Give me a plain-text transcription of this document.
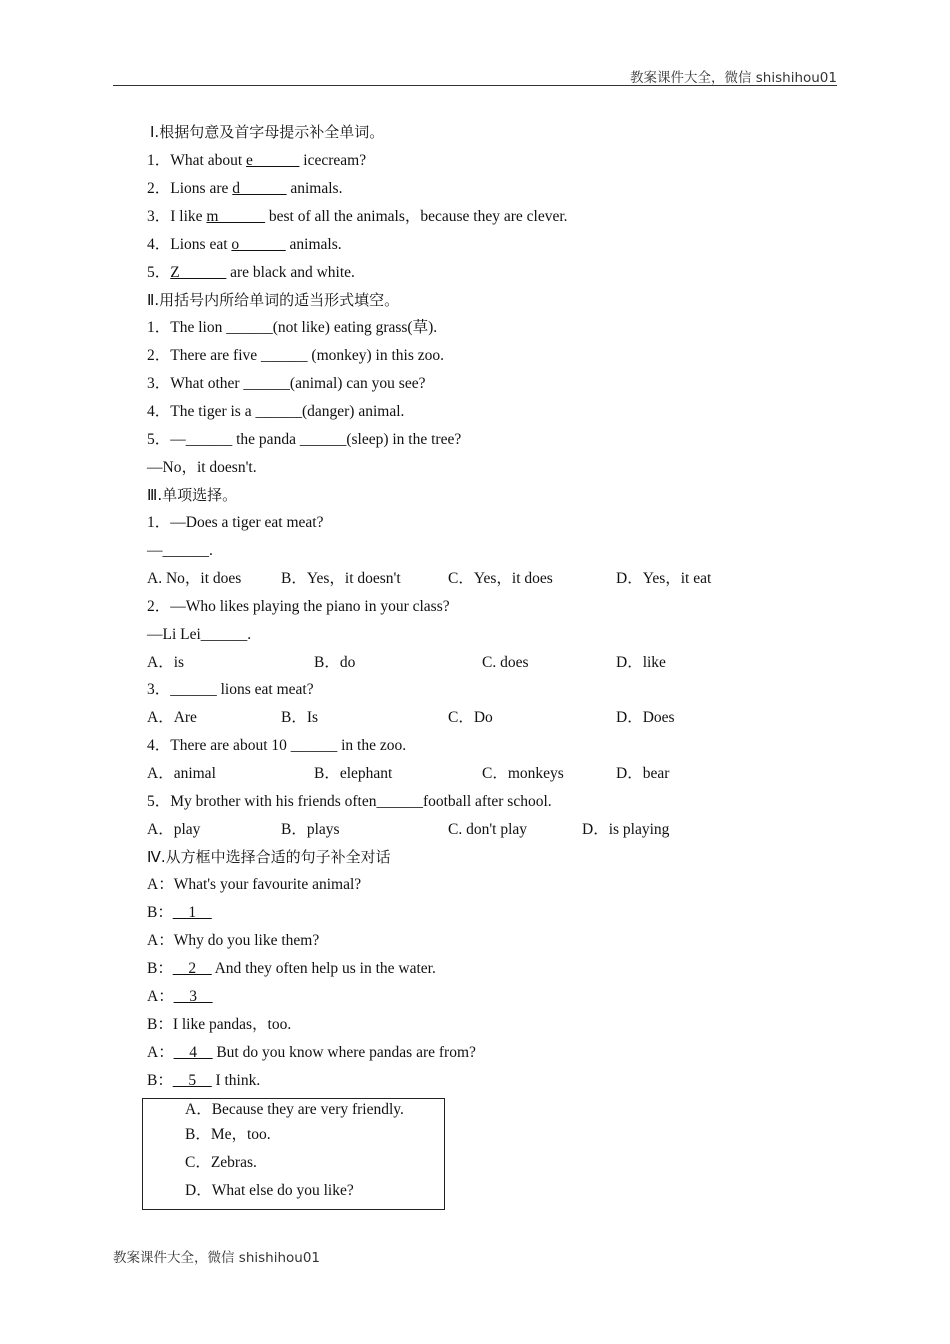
教案课件大全，微信 shishihou01
Ⅰ.根据句意及首字母提示补全单词。
1．What about e______ icecream?
2．Lions are d______ animals.
3．I like m______ best of all the animals，because they are clever.
4．Lions eat o______ animals.
5．Z______ are black and white.
Ⅱ.用括号内所给单词的适当形式填空。
1．The lion ______(not like) eating grass(草).
2．There are five ______ (monkey) in this zoo.
3．What other ______(animal) can you see?
4．The tiger is a ______(danger) animal.
5．—______ the panda ______(sleep) in the tree?
—No，it doesn't.
Ⅲ.单项选择。
1．—Does a tiger eat meat?
—______.
A. No，it does	B．Yes，it doesn't	C．Yes，it does	D．Yes，it eat
2．—Who likes playing the piano in your class?
—Li Lei______.
A．is	B．do	C. does	D．like
3．______ lions eat meat?
A．Are	B．Is	C．Do	D．Does
4．There are about 10 ______ in the zoo.
A．animal	B．elephant	C．monkeys	D．bear
5．My brother with his friends often______football after school.
A．play	B．plays	C. don't play	D．is playing
Ⅳ.从方框中选择合适的句子补全对话
A：What's your favourite animal?
B：__1__
A：Why do you like them?
B：__2__ And they often help us in the water.
A：__3__
B：I like pandas，too.
A：__4__ But do you know where pandas are from?
B：__5__ I think.
A．Because they are very friendly.
B．Me，too.
C．Zebras.
D．What else do you like?
教案课件大全，微信 shishihou01
